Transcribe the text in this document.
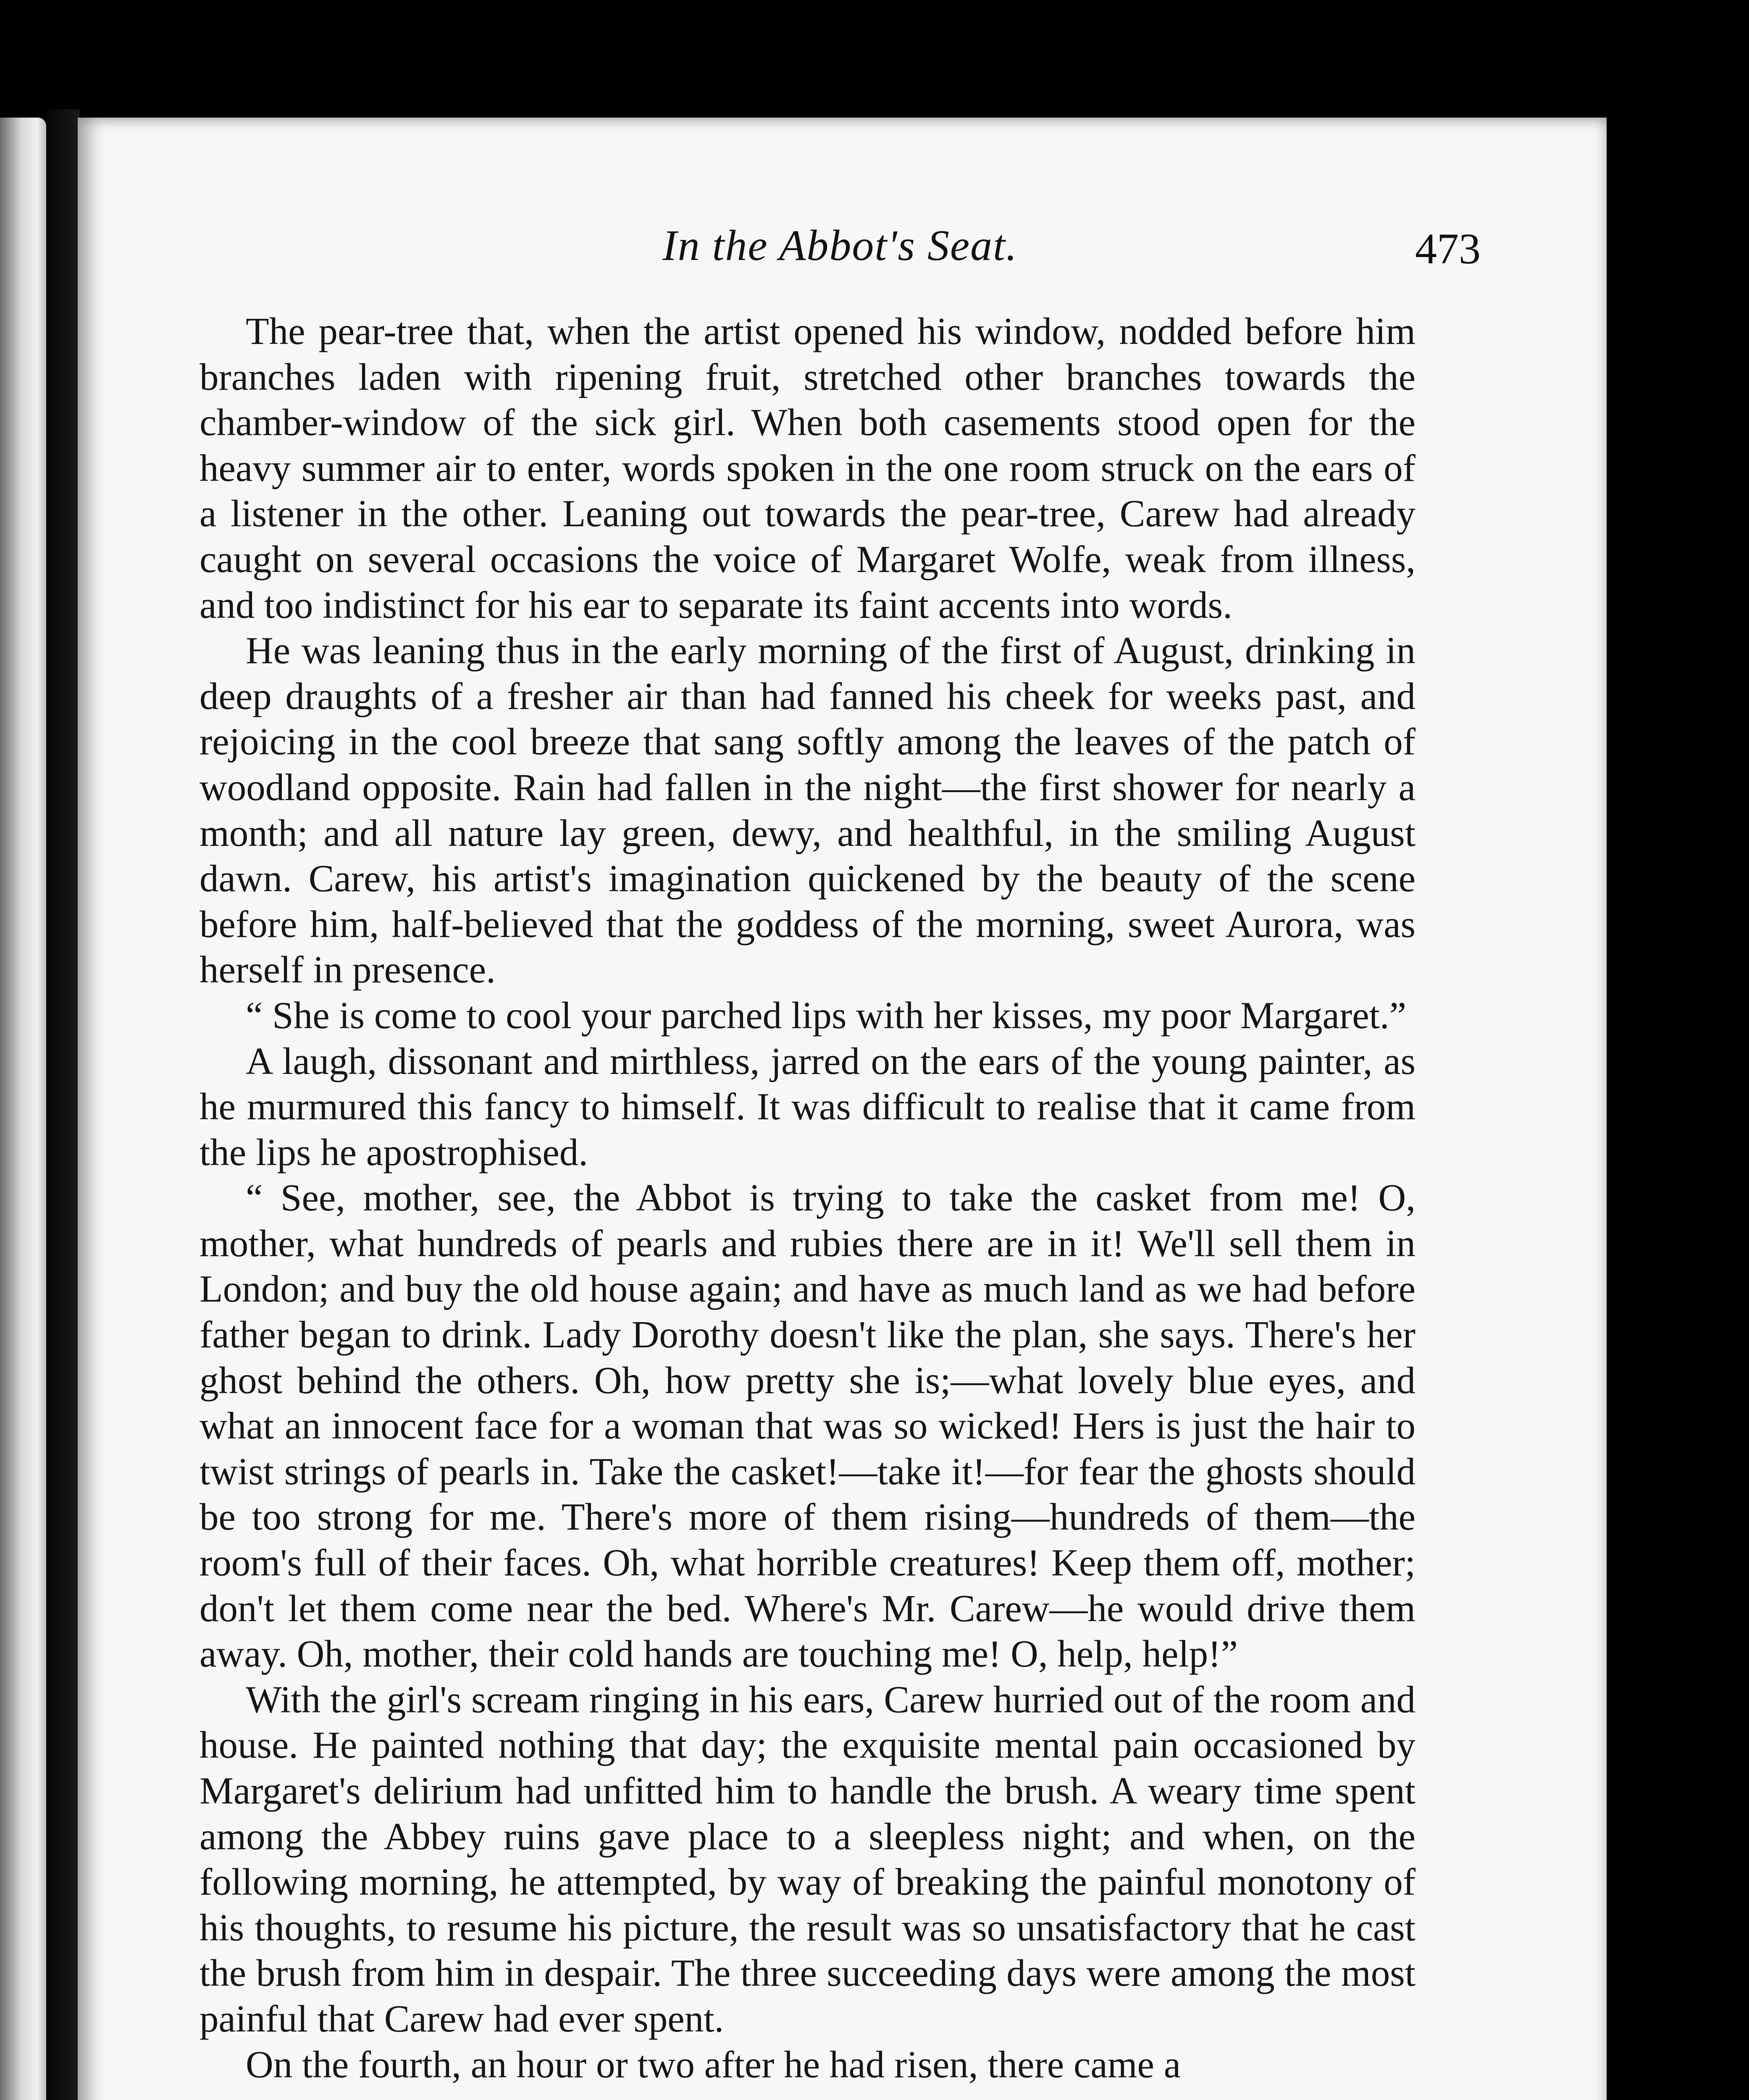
In the Abbot's Seat.	473

The pear-tree that, when the artist opened his window, nodded before him branches laden with ripening fruit, stretched other branches towards the chamber-window of the sick girl. When both casements stood open for the heavy summer air to enter, words spoken in the one room struck on the ears of a listener in the other. Leaning out towards the pear-tree, Carew had already caught on several occasions the voice of Margaret Wolfe, weak from illness, and too indistinct for his ear to separate its faint accents into words.

He was leaning thus in the early morning of the first of August, drinking in deep draughts of a fresher air than had fanned his cheek for weeks past, and rejoicing in the cool breeze that sang softly among the leaves of the patch of woodland opposite. Rain had fallen in the night—the first shower for nearly a month; and all nature lay green, dewy, and healthful, in the smiling August dawn. Carew, his artist's imagination quickened by the beauty of the scene before him, half-believed that the goddess of the morning, sweet Aurora, was herself in presence.

“ She is come to cool your parched lips with her kisses, my poor Margaret.”

A laugh, dissonant and mirthless, jarred on the ears of the young painter, as he murmured this fancy to himself. It was difficult to realise that it came from the lips he apostrophised.

“ See, mother, see, the Abbot is trying to take the casket from me! O, mother, what hundreds of pearls and rubies there are in it! We'll sell them in London; and buy the old house again; and have as much land as we had before father began to drink. Lady Dorothy doesn't like the plan, she says. There's her ghost behind the others. Oh, how pretty she is;—what lovely blue eyes, and what an innocent face for a woman that was so wicked! Hers is just the hair to twist strings of pearls in. Take the casket!—take it!—for fear the ghosts should be too strong for me. There's more of them rising—hundreds of them—the room's full of their faces. Oh, what horrible creatures! Keep them off, mother; don't let them come near the bed. Where's Mr. Carew—he would drive them away. Oh, mother, their cold hands are touching me! O, help, help!”

With the girl's scream ringing in his ears, Carew hurried out of the room and house. He painted nothing that day; the exquisite mental pain occasioned by Margaret's delirium had unfitted him to handle the brush. A weary time spent among the Abbey ruins gave place to a sleepless night; and when, on the following morning, he attempted, by way of breaking the painful monotony of his thoughts, to resume his picture, the result was so unsatisfactory that he cast the brush from him in despair. The three succeeding days were among the most painful that Carew had ever spent.

On the fourth, an hour or two after he had risen, there came a
